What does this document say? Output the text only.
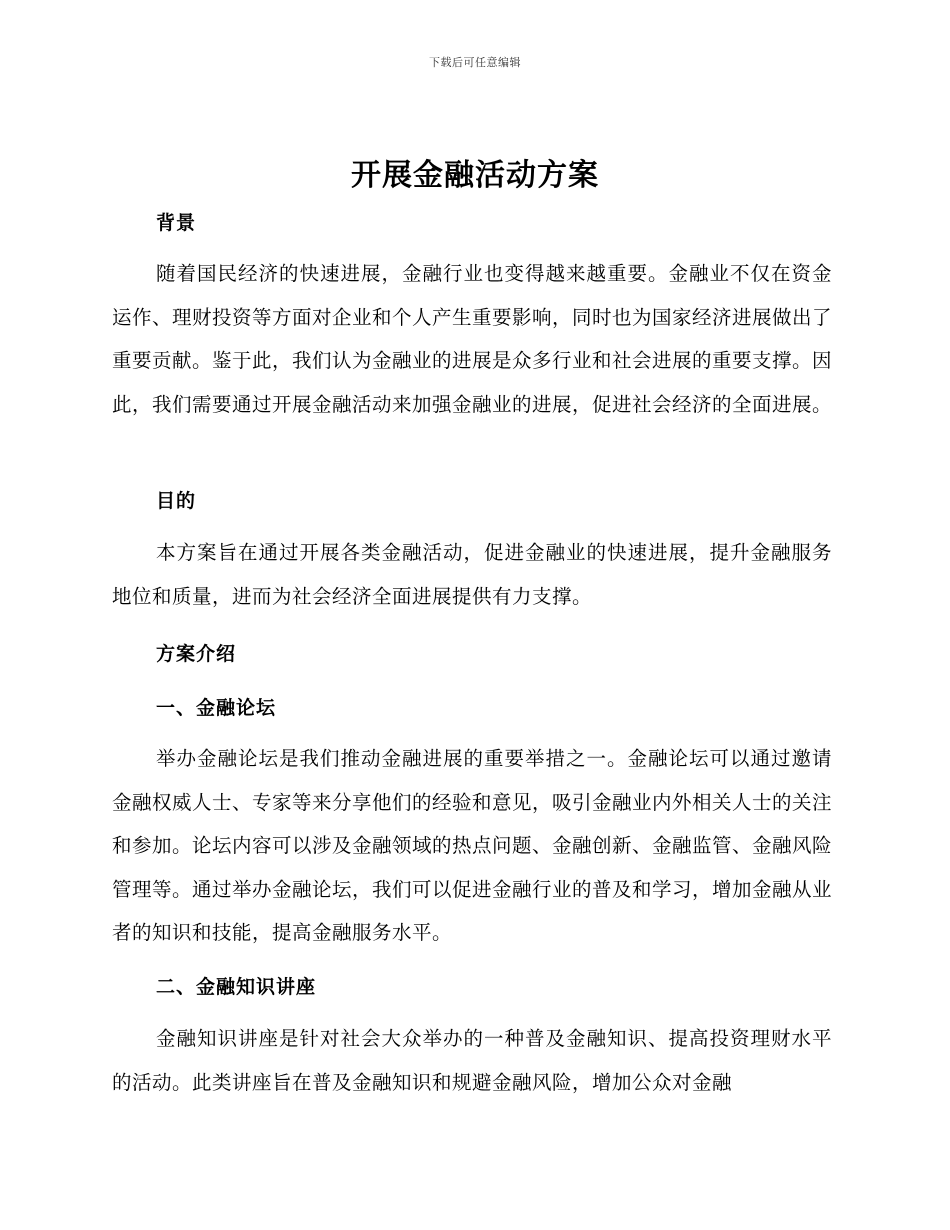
下载后可任意编辑
开展金融活动方案
背景

随着国民经济的快速进展，金融行业也变得越来越重要。金融业不仅在资金运作、理财投资等方面对企业和个人产生重要影响，同时也为国家经济进展做出了重要贡献。鉴于此，我们认为金融业的进展是众多行业和社会进展的重要支撑。因此，我们需要通过开展金融活动来加强金融业的进展，促进社会经济的全面进展。

目的

本方案旨在通过开展各类金融活动，促进金融业的快速进展，提升金融服务地位和质量，进而为社会经济全面进展提供有力支撑。

方案介绍
一、金融论坛

举办金融论坛是我们推动金融进展的重要举措之一。金融论坛可以通过邀请金融权威人士、专家等来分享他们的经验和意见，吸引金融业内外相关人士的关注和参加。论坛内容可以涉及金融领域的热点问题、金融创新、金融监管、金融风险管理等。通过举办金融论坛，我们可以促进金融行业的普及和学习，增加金融从业者的知识和技能，提高金融服务水平。

二、金融知识讲座

金融知识讲座是针对社会大众举办的一种普及金融知识、提高投资理财水平的活动。此类讲座旨在普及金融知识和规避金融风险，增加公众对金融
